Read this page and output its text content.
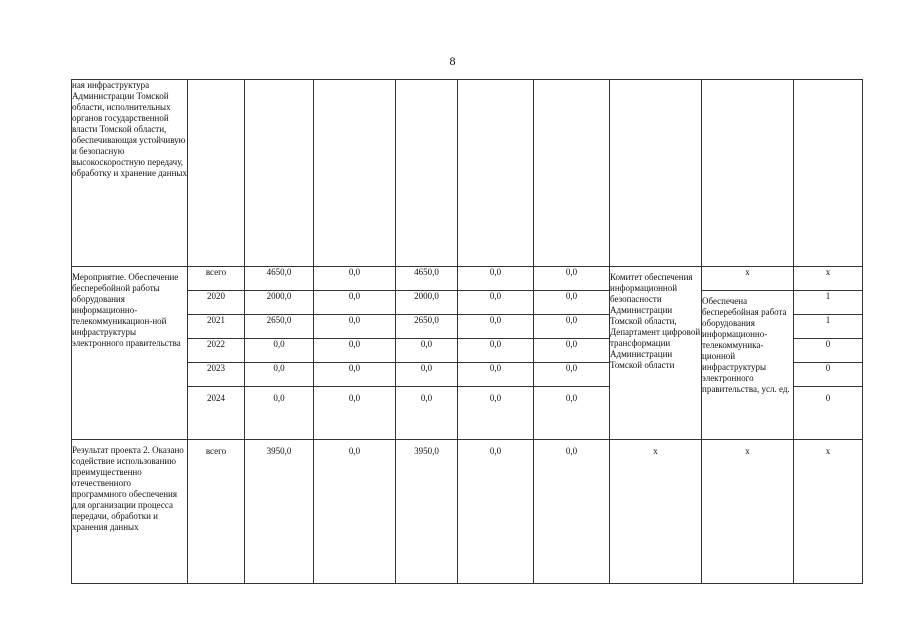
8
ная инфраструктура Администрации Томской области, исполнительных органов государственной власти Томской области, обеспечивающая устойчивую и безопасную высокоскоростную передачу, обработку и хранение данных									
Мероприятие. Обеспечение бесперебойной работы оборудования информационно-телекоммуникацион-ной инфраструктуры электронного правительства	всего	4650,0	0,0	4650,0	0,0	0,0	Комитет обеспечения информационной безопасности Администрации Томской области, Департамент цифровой трансформации Администрации Томской области	x	x
	2020	2000,0	0,0	2000,0	0,0	0,0		Обеспечена бесперебойная работа оборудования информационно-телекоммуника-ционной инфраструктуры электронного правительства, усл. ед.	1
	2021	2650,0	0,0	2650,0	0,0	0,0			1
	2022	0,0	0,0	0,0	0,0	0,0			0
	2023	0,0	0,0	0,0	0,0	0,0			0
	2024	0,0	0,0	0,0	0,0	0,0			0
Результат проекта 2. Оказано содействие использованию преимущественно отечественного программного обеспечения для организации процесса передачи, обработки и хранения данных	всего	3950,0	0,0	3950,0	0,0	0,0	x	x	x
